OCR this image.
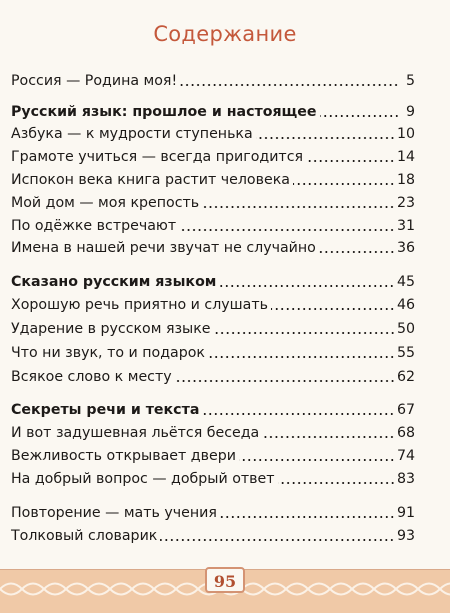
Содержание
Россия — Родина моя!	5
Русский язык: прошлое и настоящее	9
Азбука — к мудрости ступенька	10
Грамоте учиться — всегда пригодится	14
Испокон века книга растит человека	18
Мой дом — моя крепость	23
По одёжке встречают	31
Имена в нашей речи звучат не случайно	36
Сказано русским языком	45
Хорошую речь приятно и слушать	46
Ударение в русском языке	50
Что ни звук, то и подарок	55
Всякое слово к месту	62
Секреты речи и текста	67
И вот задушевная льётся беседа	68
Вежливость открывает двери	74
На добрый вопрос — добрый ответ	83
Повторение — мать учения	91
Толковый словарик	93
95
